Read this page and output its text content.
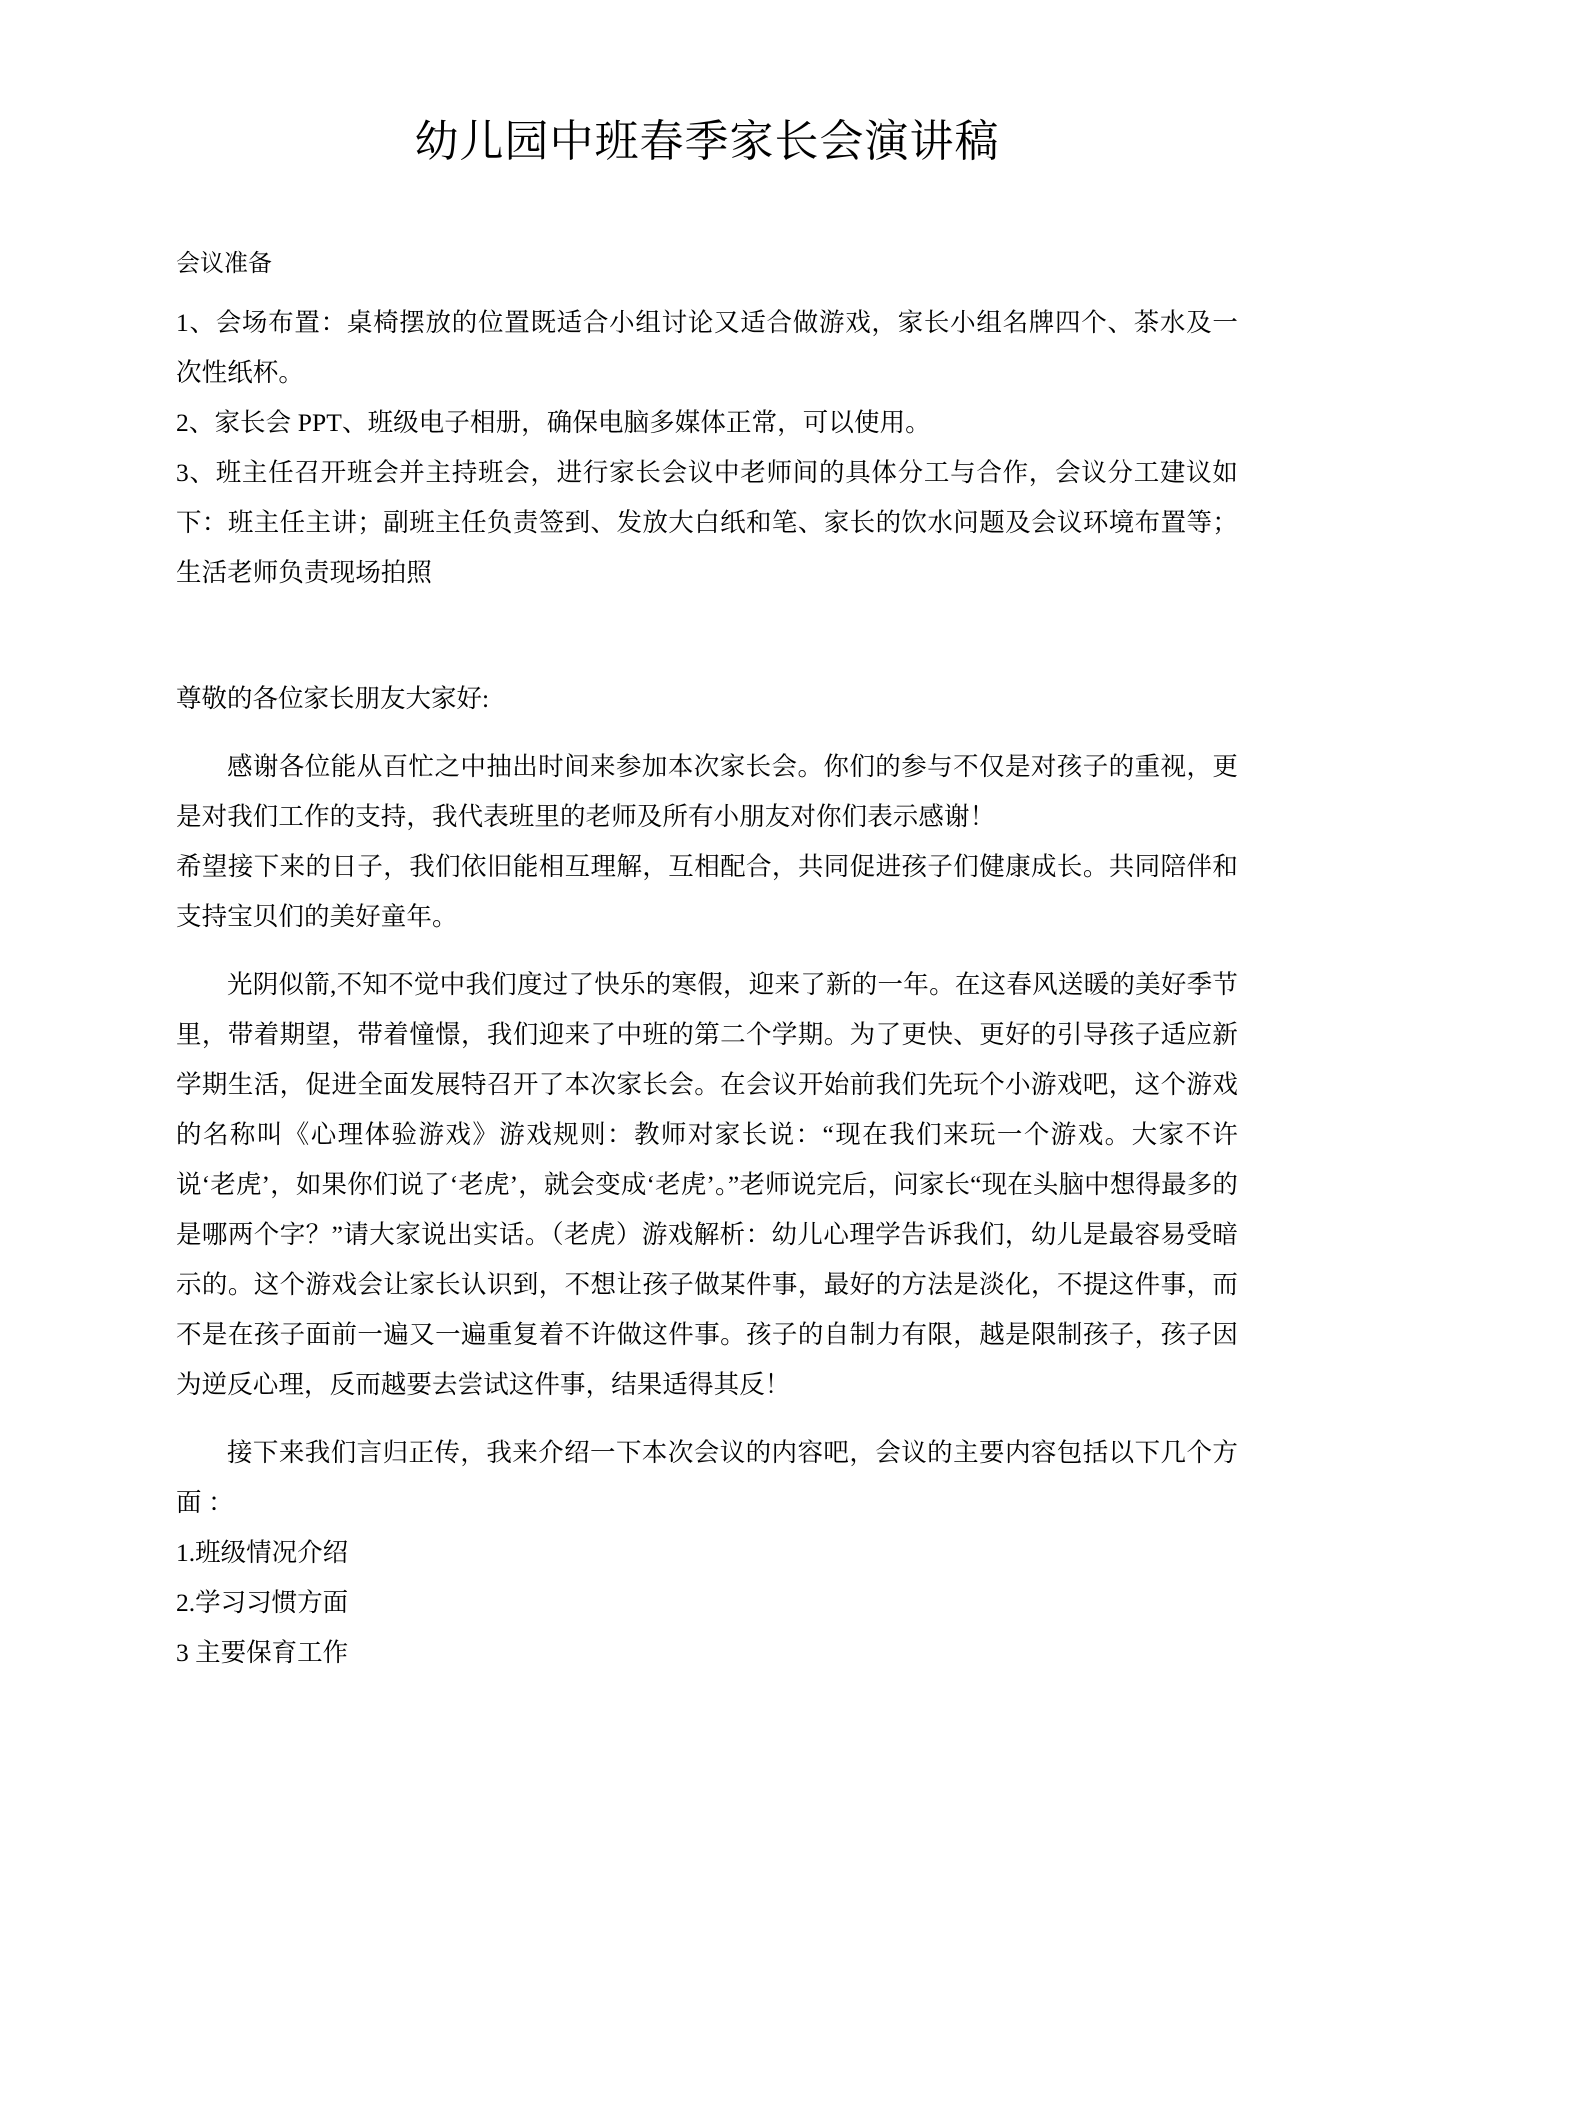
幼儿园中班春季家长会演讲稿

会议准备

1、会场布置：桌椅摆放的位置既适合小组讨论又适合做游戏，家长小组名牌四个、茶水及一次性纸杯。

2、家长会 PPT、班级电子相册，确保电脑多媒体正常，可以使用。

3、班主任召开班会并主持班会，进行家长会议中老师间的具体分工与合作，会议分工建议如下：班主任主讲；副班主任负责签到、发放大白纸和笔、家长的饮水问题及会议环境布置等；生活老师负责现场拍照

尊敬的各位家长朋友大家好:

感谢各位能从百忙之中抽出时间来参加本次家长会。你们的参与不仅是对孩子的重视，更是对我们工作的支持，我代表班里的老师及所有小朋友对你们表示感谢！

希望接下来的日子，我们依旧能相互理解，互相配合，共同促进孩子们健康成长。共同陪伴和支持宝贝们的美好童年。

光阴似箭,不知不觉中我们度过了快乐的寒假，迎来了新的一年。在这春风送暖的美好季节里，带着期望，带着憧憬，我们迎来了中班的第二个学期。为了更快、更好的引导孩子适应新学期生活，促进全面发展特召开了本次家长会。在会议开始前我们先玩个小游戏吧，这个游戏的名称叫《心理体验游戏》游戏规则：教师对家长说：“现在我们来玩一个游戏。大家不许说‘老虎’，如果你们说了‘老虎’，就会变成‘老虎’。”老师说完后，问家长“现在头脑中想得最多的是哪两个字？”请大家说出实话。（老虎）游戏解析：幼儿心理学告诉我们，幼儿是最容易受暗示的。这个游戏会让家长认识到，不想让孩子做某件事，最好的方法是淡化，不提这件事，而不是在孩子面前一遍又一遍重复着不许做这件事。孩子的自制力有限，越是限制孩子，孩子因为逆反心理，反而越要去尝试这件事，结果适得其反！

接下来我们言归正传，我来介绍一下本次会议的内容吧，会议的主要内容包括以下几个方面 ：

1.班级情况介绍

2.学习习惯方面

3 主要保育工作
